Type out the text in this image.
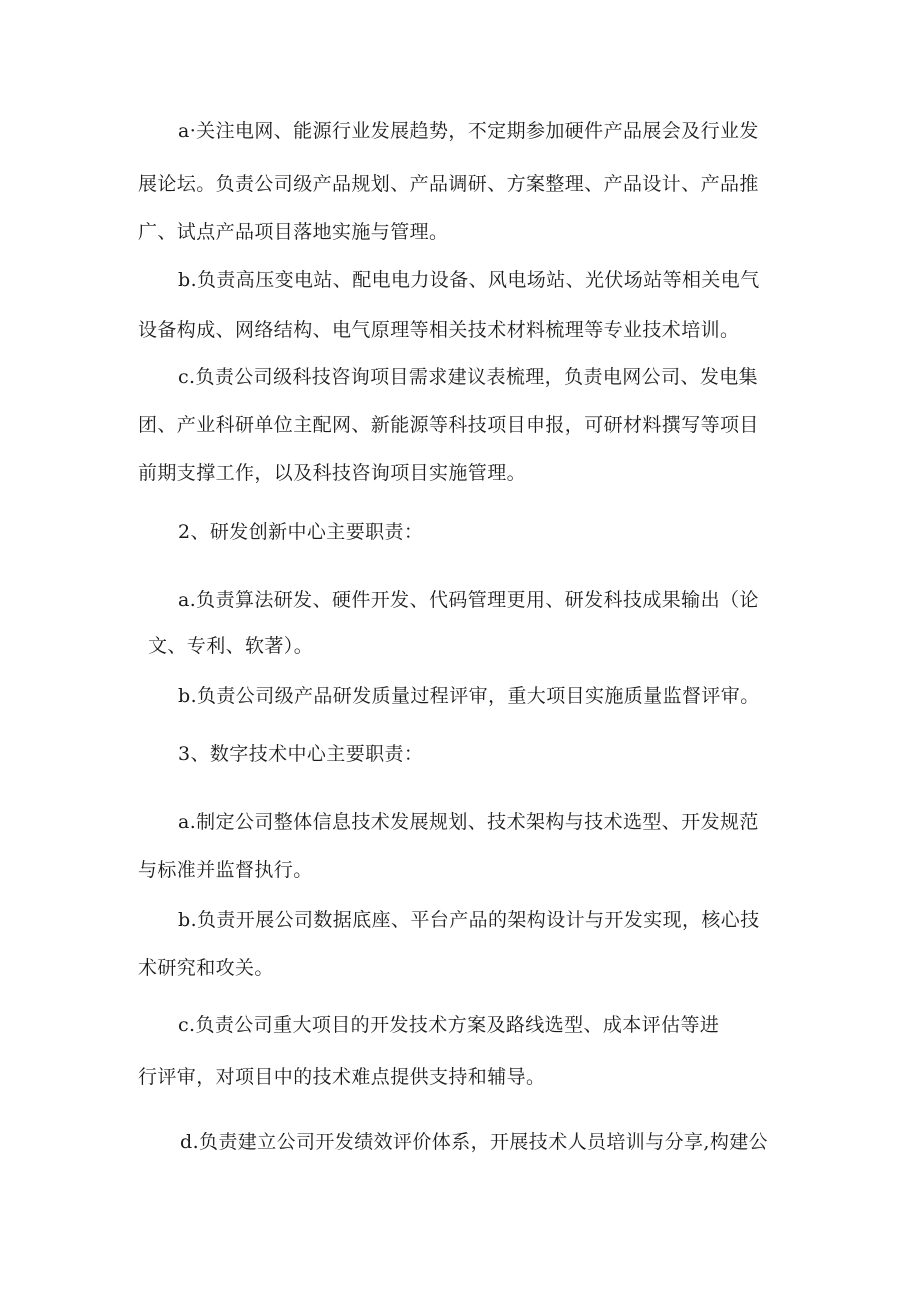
a·关注电网、能源行业发展趋势，不定期参加硬件产品展会及行业发
展论坛。负责公司级产品规划、产品调研、方案整理、产品设计、产品推
广、试点产品项目落地实施与管理。
b.负责高压变电站、配电电力设备、风电场站、光伏场站等相关电气
设备构成、网络结构、电气原理等相关技术材料梳理等专业技术培训。
c.负责公司级科技咨询项目需求建议表梳理，负责电网公司、发电集
团、产业科研单位主配网、新能源等科技项目申报，可研材料撰写等项目
前期支撑工作，以及科技咨询项目实施管理。
2、研发创新中心主要职责：
a.负责算法研发、硬件开发、代码管理更用、研发科技成果输出（论
文、专利、软著）。
b.负责公司级产品研发质量过程评审，重大项目实施质量监督评审。
3、数字技术中心主要职责：
a.制定公司整体信息技术发展规划、技术架构与技术选型、开发规范
与标准并监督执行。
b.负责开展公司数据底座、平台产品的架构设计与开发实现，核心技
术研究和攻关。
c.负责公司重大项目的开发技术方案及路线选型、成本评估等进
行评审，对项目中的技术难点提供支持和辅导。
d.负责建立公司开发绩效评价体系，开展技术人员培训与分享,构建公
